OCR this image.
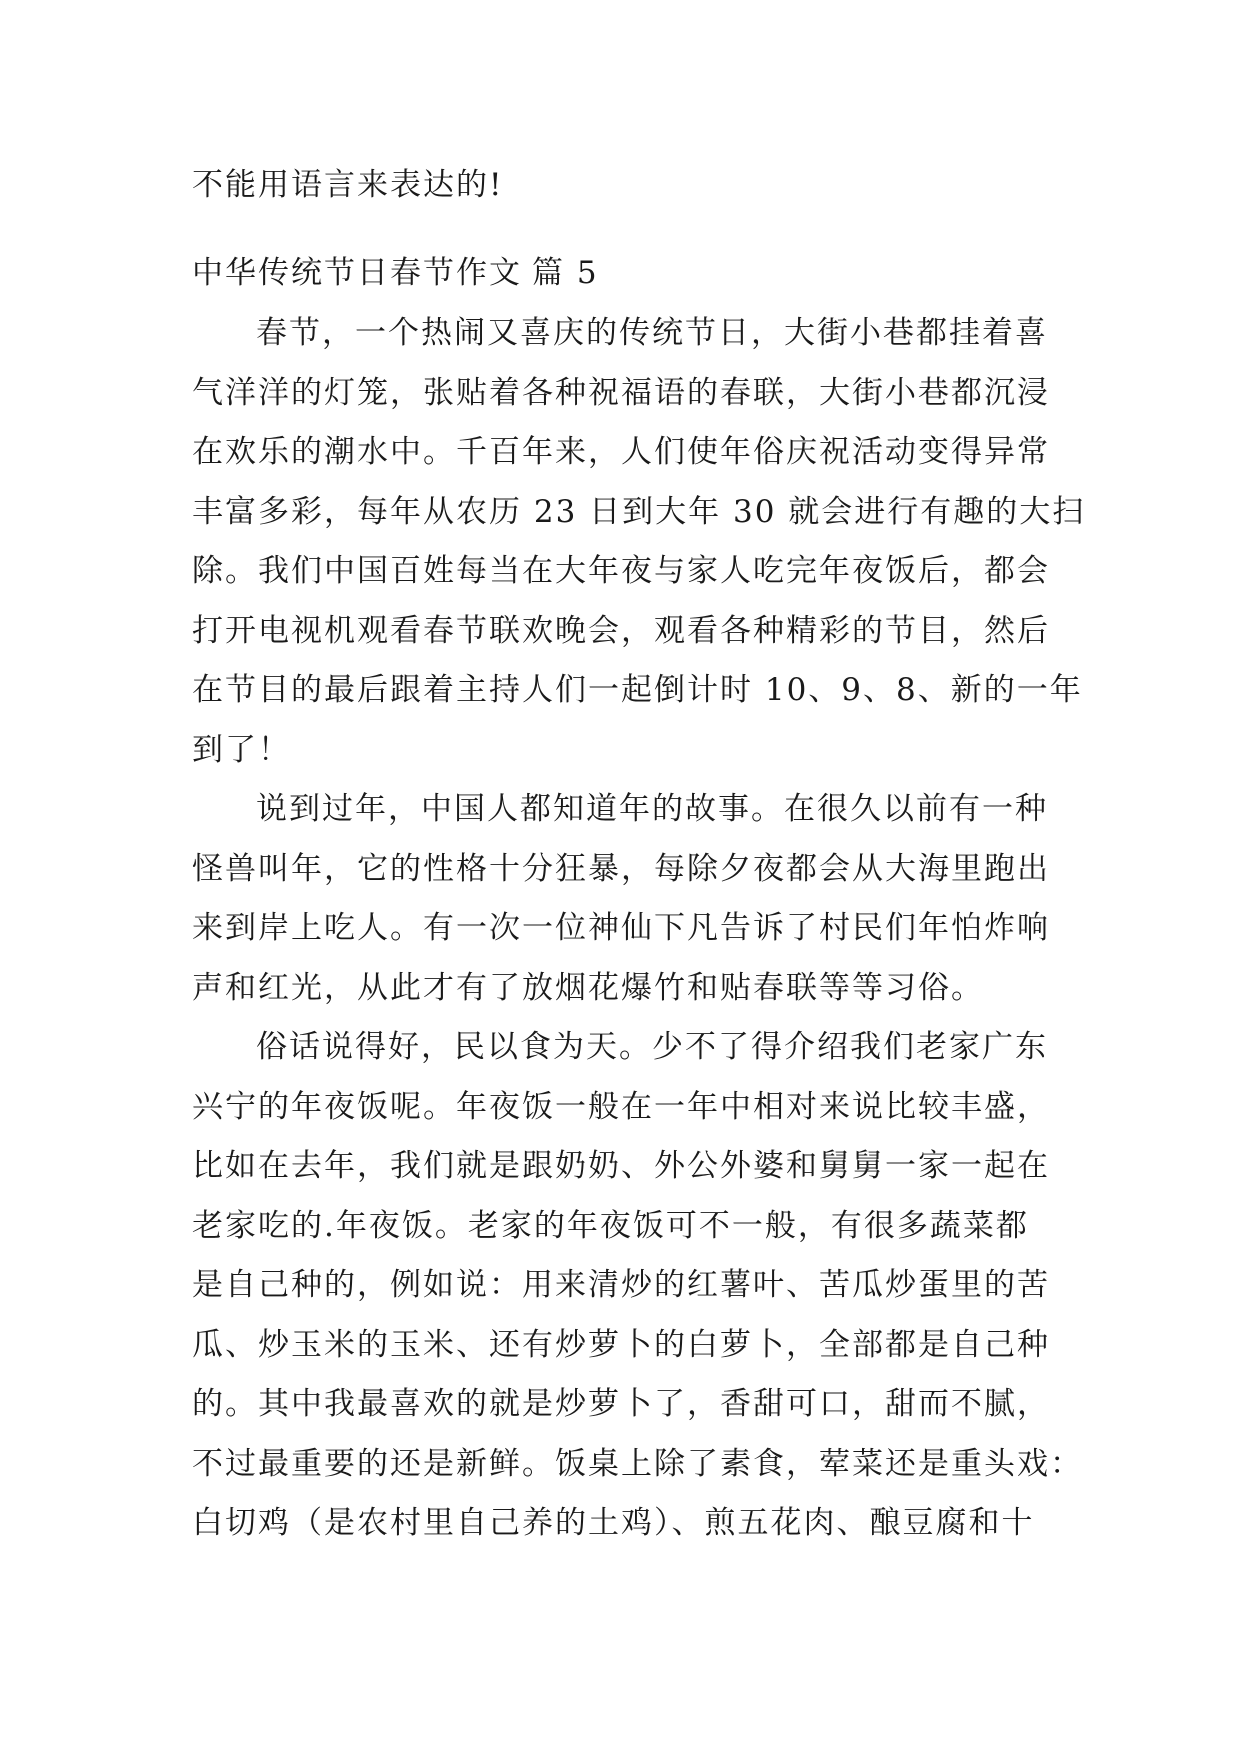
不能用语言来表达的!
中华传统节日春节作文 篇 5
春节，一个热闹又喜庆的传统节日，大街小巷都挂着喜
气洋洋的灯笼，张贴着各种祝福语的春联，大街小巷都沉浸
在欢乐的潮水中。千百年来，人们使年俗庆祝活动变得异常
丰富多彩，每年从农历 23 日到大年 30 就会进行有趣的大扫
除。我们中国百姓每当在大年夜与家人吃完年夜饭后，都会
打开电视机观看春节联欢晚会，观看各种精彩的节目，然后
在节目的最后跟着主持人们一起倒计时 10、9、8、新的一年
到了！
说到过年，中国人都知道年的故事。在很久以前有一种
怪兽叫年，它的性格十分狂暴，每除夕夜都会从大海里跑出
来到岸上吃人。有一次一位神仙下凡告诉了村民们年怕炸响
声和红光，从此才有了放烟花爆竹和贴春联等等习俗。
俗话说得好，民以食为天。少不了得介绍我们老家广东
兴宁的年夜饭呢。年夜饭一般在一年中相对来说比较丰盛，
比如在去年，我们就是跟奶奶、外公外婆和舅舅一家一起在
老家吃的.年夜饭。老家的年夜饭可不一般，有很多蔬菜都
是自己种的，例如说：用来清炒的红薯叶、苦瓜炒蛋里的苦
瓜、炒玉米的玉米、还有炒萝卜的白萝卜，全部都是自己种
的。其中我最喜欢的就是炒萝卜了，香甜可口，甜而不腻，
不过最重要的还是新鲜。饭桌上除了素食，荤菜还是重头戏：
白切鸡（是农村里自己养的土鸡）、煎五花肉、酿豆腐和十
